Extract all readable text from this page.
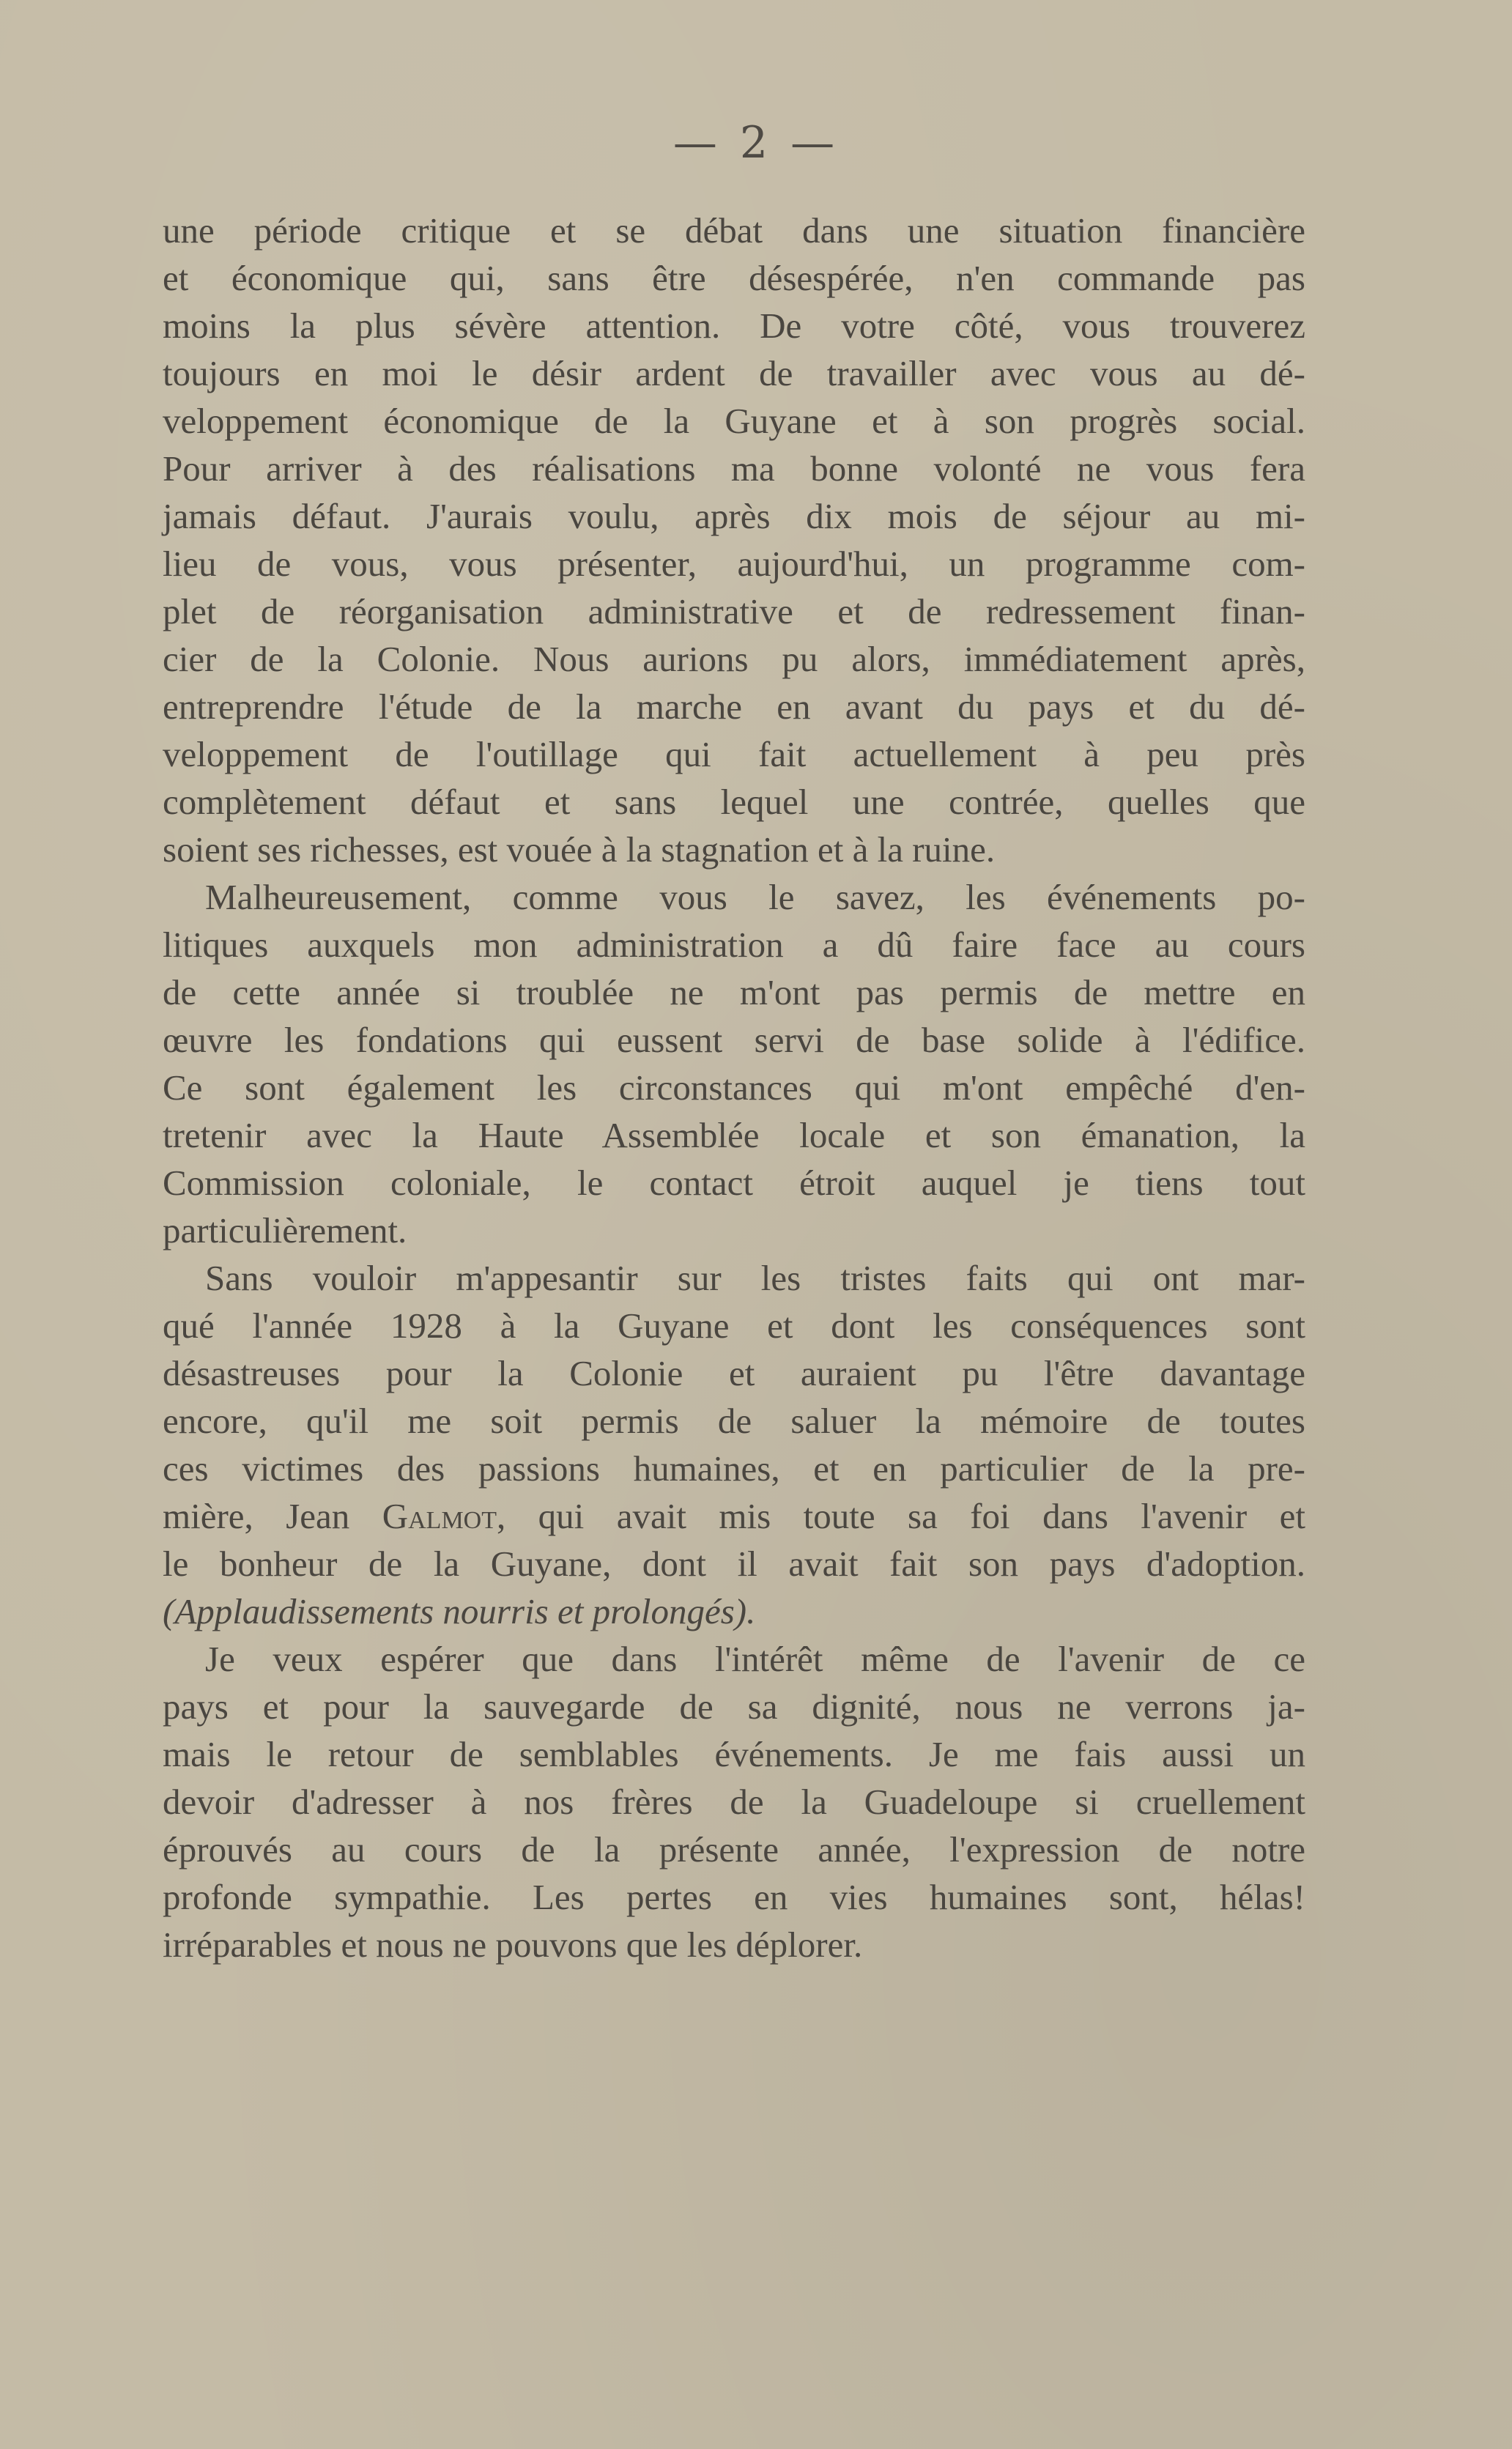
— 2 —
une période critique et se débat dans une situation financière
et économique qui, sans être désespérée, n'en commande pas
moins la plus sévère attention. De votre côté, vous trouverez
toujours en moi le désir ardent de travailler avec vous au dé-
veloppement économique de la Guyane et à son progrès social.
Pour arriver à des réalisations ma bonne volonté ne vous fera
jamais défaut. J'aurais voulu, après dix mois de séjour au mi-
lieu de vous, vous présenter, aujourd'hui, un programme com-
plet de réorganisation administrative et de redressement finan-
cier de la Colonie. Nous aurions pu alors, immédiatement après,
entreprendre l'étude de la marche en avant du pays et du dé-
veloppement de l'outillage qui fait actuellement à peu près
complètement défaut et sans lequel une contrée, quelles que
soient ses richesses, est vouée à la stagnation et à la ruine.
Malheureusement, comme vous le savez, les événements po-
litiques auxquels mon administration a dû faire face au cours
de cette année si troublée ne m'ont pas permis de mettre en
œuvre les fondations qui eussent servi de base solide à l'édifice.
Ce sont également les circonstances qui m'ont empêché d'en-
tretenir avec la Haute Assemblée locale et son émanation, la
Commission coloniale, le contact étroit auquel je tiens tout
particulièrement.
Sans vouloir m'appesantir sur les tristes faits qui ont mar-
qué l'année 1928 à la Guyane et dont les conséquences sont
désastreuses pour la Colonie et auraient pu l'être davantage
encore, qu'il me soit permis de saluer la mémoire de toutes
ces victimes des passions humaines, et en particulier de la pre-
mière, Jean Galmot, qui avait mis toute sa foi dans l'avenir et
le bonheur de la Guyane, dont il avait fait son pays d'adoption.
(Applaudissements nourris et prolongés).
Je veux espérer que dans l'intérêt même de l'avenir de ce
pays et pour la sauvegarde de sa dignité, nous ne verrons ja-
mais le retour de semblables événements. Je me fais aussi un
devoir d'adresser à nos frères de la Guadeloupe si cruellement
éprouvés au cours de la présente année, l'expression de notre
profonde sympathie. Les pertes en vies humaines sont, hélas!
irréparables et nous ne pouvons que les déplorer.
